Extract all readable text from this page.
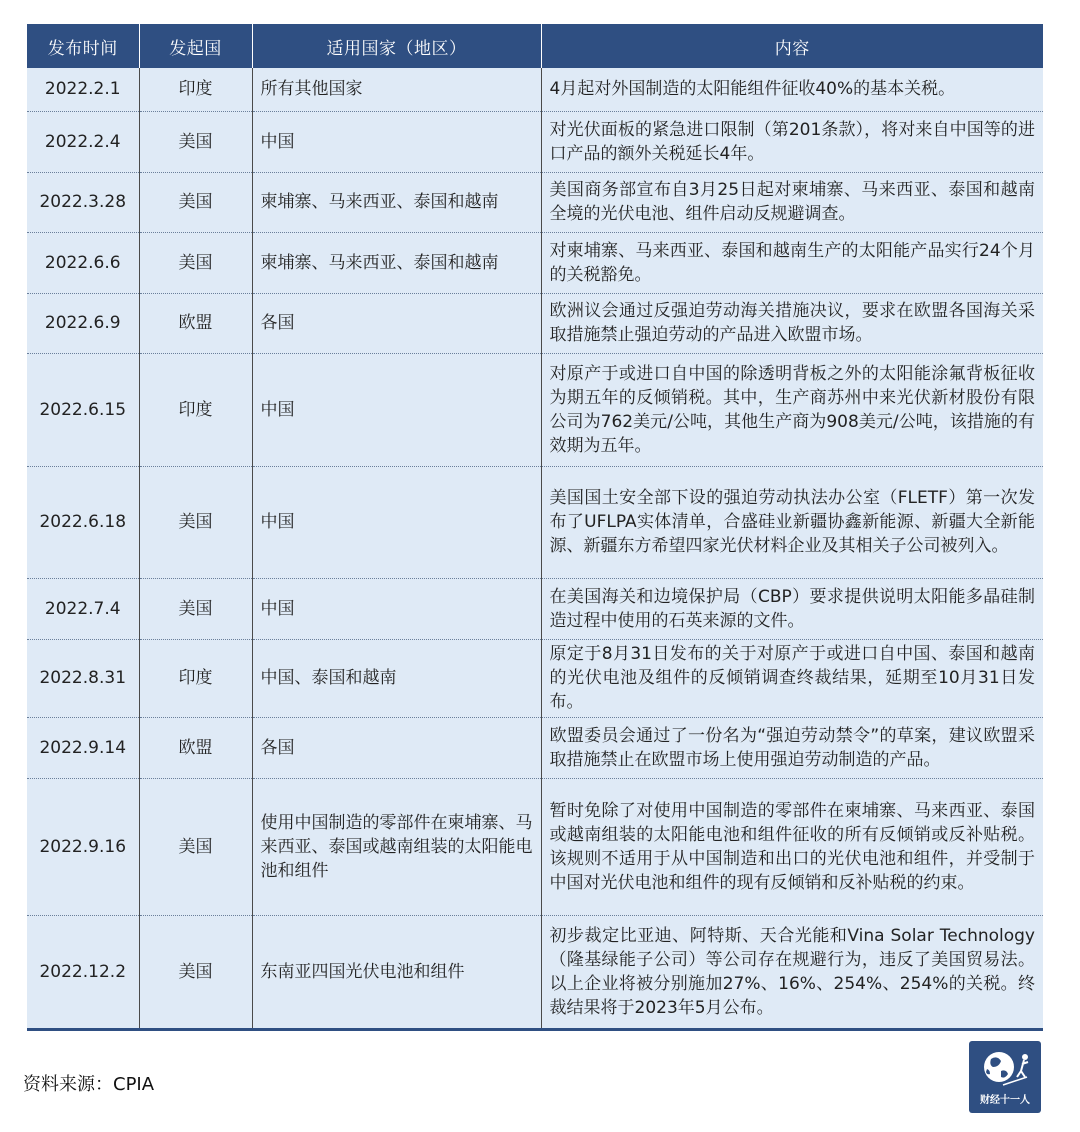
发布时间	发起国	适用国家（地区）	内容
2022.2.1	印度	所有其他国家	4月起对外国制造的太阳能组件征收40%的基本关税。
2022.2.4	美国	中国	对光伏面板的紧急进口限制（第201条款），将对来自中国等的进口产品的额外关税延长4年。
2022.3.28	美国	柬埔寨、马来西亚、泰国和越南	美国商务部宣布自3月25日起对柬埔寨、马来西亚、泰国和越南全境的光伏电池、组件启动反规避调查。
2022.6.6	美国	柬埔寨、马来西亚、泰国和越南	对柬埔寨、马来西亚、泰国和越南生产的太阳能产品实行24个月的关税豁免。
2022.6.9	欧盟	各国	欧洲议会通过反强迫劳动海关措施决议，要求在欧盟各国海关采取措施禁止强迫劳动的产品进入欧盟市场。
2022.6.15	印度	中国	对原产于或进口自中国的除透明背板之外的太阳能涂氟背板征收为期五年的反倾销税。其中，生产商苏州中来光伏新材股份有限公司为762美元/公吨，其他生产商为908美元/公吨，该措施的有效期为五年。
2022.6.18	美国	中国	美国国土安全部下设的强迫劳动执法办公室（FLETF）第一次发布了UFLPA实体清单，合盛硅业新疆协鑫新能源、新疆大全新能源、新疆东方希望四家光伏材料企业及其相关子公司被列入。
2022.7.4	美国	中国	在美国海关和边境保护局（CBP）要求提供说明太阳能多晶硅制造过程中使用的石英来源的文件。
2022.8.31	印度	中国、泰国和越南	原定于8月31日发布的关于对原产于或进口自中国、泰国和越南的光伏电池及组件的反倾销调查终裁结果，延期至10月31日发布。
2022.9.14	欧盟	各国	欧盟委员会通过了一份名为“强迫劳动禁令”的草案，建议欧盟采取措施禁止在欧盟市场上使用强迫劳动制造的产品。
2022.9.16	美国	使用中国制造的零部件在柬埔寨、马来西亚、泰国或越南组装的太阳能电池和组件	暂时免除了对使用中国制造的零部件在柬埔寨、马来西亚、泰国或越南组装的太阳能电池和组件征收的所有反倾销或反补贴税。该规则不适用于从中国制造和出口的光伏电池和组件，并受制于中国对光伏电池和组件的现有反倾销和反补贴税的约束。
2022.12.2	美国	东南亚四国光伏电池和组件	初步裁定比亚迪、阿特斯、天合光能和Vina Solar Technology（隆基绿能子公司）等公司存在规避行为，违反了美国贸易法。以上企业将被分别施加27%、16%、254%、254%的关税。终裁结果将于2023年5月公布。
资料来源：CPIA
财经十一人
